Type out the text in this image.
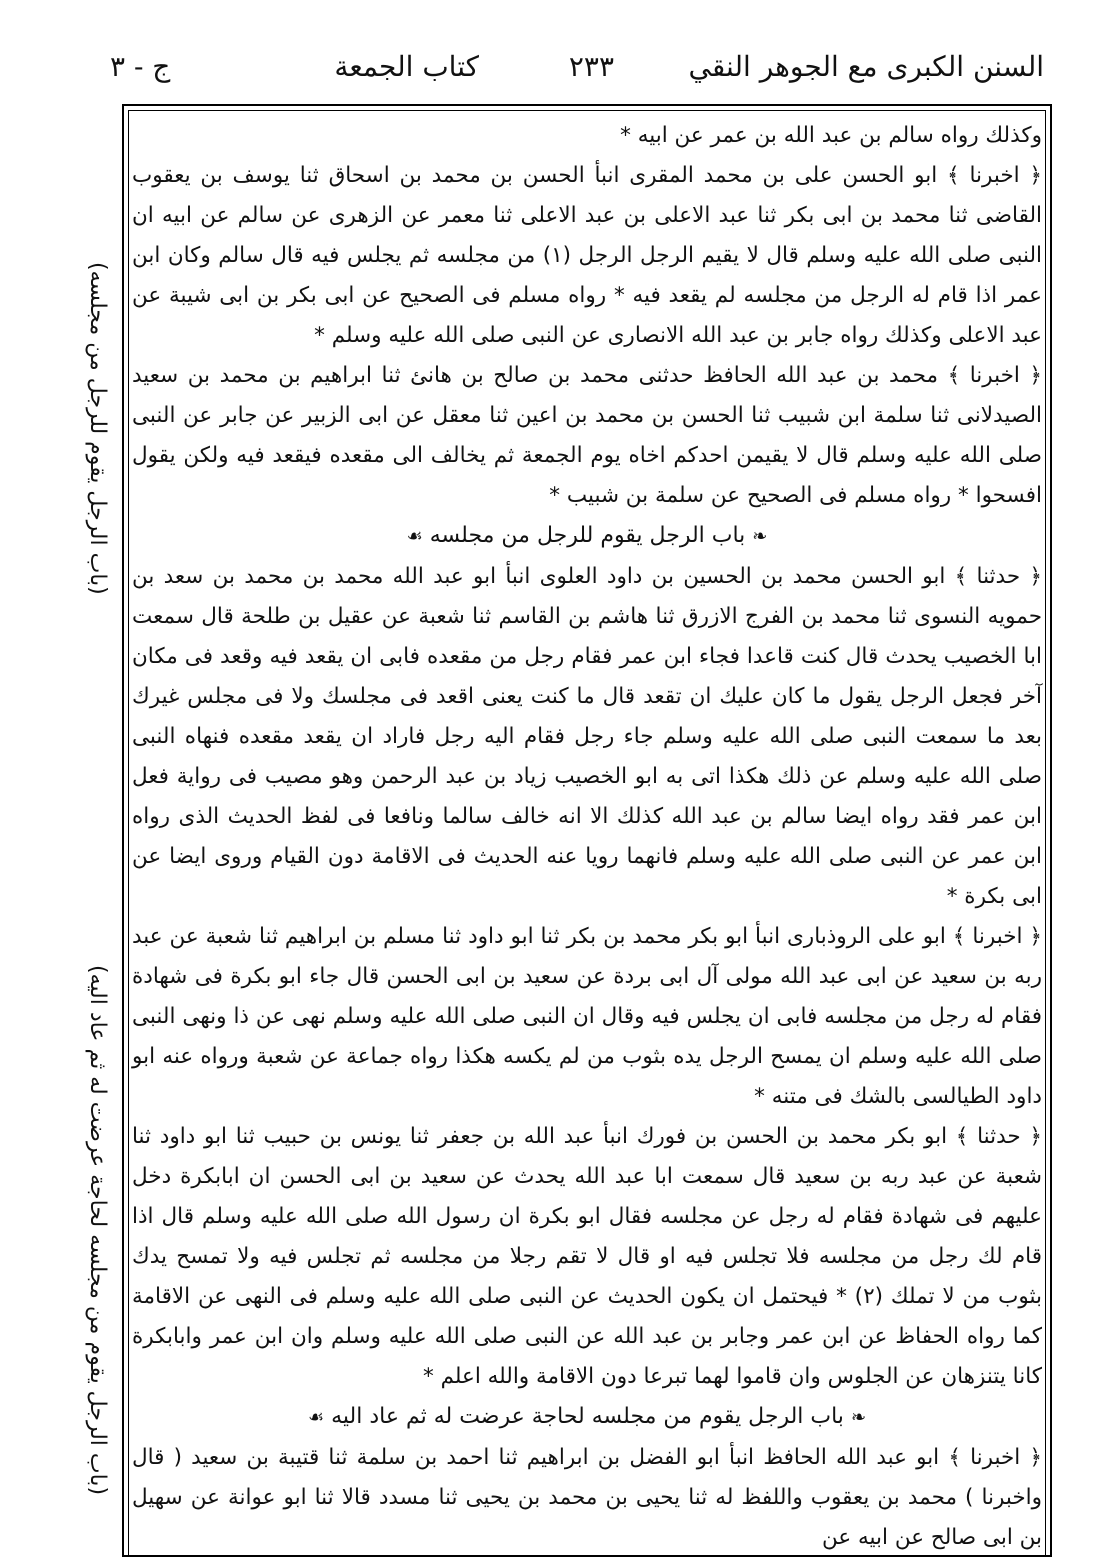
السنن الكبرى مع الجوهر النقي
٢٣٣
كتاب الجمعة
ج - ٣
(باب الرجل يقوم للرجل من مجلسه)
(باب الرجل يقوم من مجلسه لحاجة عرضت له ثم عاد اليه)

وكذلك رواه سالم بن عبد الله بن عمر عن ابيه *

﴿ اخبرنا ﴾ ابو الحسن على بن محمد المقرى انبأ الحسن بن محمد بن اسحاق ثنا يوسف بن يعقوب القاضى ثنا محمد بن ابى بكر ثنا عبد الاعلى بن عبد الاعلى ثنا معمر عن الزهرى عن سالم عن ابيه ان النبى صلى الله عليه وسلم قال لا يقيم الرجل الرجل (١) من مجلسه ثم يجلس فيه قال سالم وكان ابن عمر اذا قام له الرجل من مجلسه لم يقعد فيه * رواه مسلم فى الصحيح عن ابى بكر بن ابى شيبة عن عبد الاعلى وكذلك رواه جابر بن عبد الله الانصارى عن النبى صلى الله عليه وسلم *

﴿ اخبرنا ﴾ محمد بن عبد الله الحافظ حدثنى محمد بن صالح بن هانئ ثنا ابراهيم بن محمد بن سعيد الصيدلانى ثنا سلمة ابن شبيب ثنا الحسن بن محمد بن اعين ثنا معقل عن ابى الزبير عن جابر عن النبى صلى الله عليه وسلم قال لا يقيمن احدكم اخاه يوم الجمعة ثم يخالف الى مقعده فيقعد فيه ولكن يقول افسحوا * رواه مسلم فى الصحيح عن سلمة بن شبيب *

❧ باب الرجل يقوم للرجل من مجلسه ☙

﴿ حدثنا ﴾ ابو الحسن محمد بن الحسين بن داود العلوى انبأ ابو عبد الله محمد بن محمد بن سعد بن حمويه النسوى ثنا محمد بن الفرج الازرق ثنا هاشم بن القاسم ثنا شعبة عن عقيل بن طلحة قال سمعت ابا الخصيب يحدث قال كنت قاعدا فجاء ابن عمر فقام رجل من مقعده فابى ان يقعد فيه وقعد فى مكان آخر فجعل الرجل يقول ما كان عليك ان تقعد قال ما كنت يعنى اقعد فى مجلسك ولا فى مجلس غيرك بعد ما سمعت النبى صلى الله عليه وسلم جاء رجل فقام اليه رجل فاراد ان يقعد مقعده فنهاه النبى صلى الله عليه وسلم عن ذلك هكذا اتى به ابو الخصيب زياد بن عبد الرحمن وهو مصيب فى رواية فعل ابن عمر فقد رواه ايضا سالم بن عبد الله كذلك الا انه خالف سالما ونافعا فى لفظ الحديث الذى رواه ابن عمر عن النبى صلى الله عليه وسلم فانهما رويا عنه الحديث فى الاقامة دون القيام وروى ايضا عن ابى بكرة *

﴿ اخبرنا ﴾ ابو على الروذبارى انبأ ابو بكر محمد بن بكر ثنا ابو داود ثنا مسلم بن ابراهيم ثنا شعبة عن عبد ربه بن سعيد عن ابى عبد الله مولى آل ابى بردة عن سعيد بن ابى الحسن قال جاء ابو بكرة فى شهادة فقام له رجل من مجلسه فابى ان يجلس فيه وقال ان النبى صلى الله عليه وسلم نهى عن ذا ونهى النبى صلى الله عليه وسلم ان يمسح الرجل يده بثوب من لم يكسه هكذا رواه جماعة عن شعبة ورواه عنه ابو داود الطيالسى بالشك فى متنه *

﴿ حدثنا ﴾ ابو بكر محمد بن الحسن بن فورك انبأ عبد الله بن جعفر ثنا يونس بن حبيب ثنا ابو داود ثنا شعبة عن عبد ربه بن سعيد قال سمعت ابا عبد الله يحدث عن سعيد بن ابى الحسن ان ابابكرة دخل عليهم فى شهادة فقام له رجل عن مجلسه فقال ابو بكرة ان رسول الله صلى الله عليه وسلم قال اذا قام لك رجل من مجلسه فلا تجلس فيه او قال لا تقم رجلا من مجلسه ثم تجلس فيه ولا تمسح يدك بثوب من لا تملك (٢) * فيحتمل ان يكون الحديث عن النبى صلى الله عليه وسلم فى النهى عن الاقامة كما رواه الحفاظ عن ابن عمر وجابر بن عبد الله عن النبى صلى الله عليه وسلم وان ابن عمر وابابكرة كانا يتنزهان عن الجلوس وان قاموا لهما تبرعا دون الاقامة والله اعلم *

❧ باب الرجل يقوم من مجلسه لحاجة عرضت له ثم عاد اليه ☙

﴿ اخبرنا ﴾ ابو عبد الله الحافظ انبأ ابو الفضل بن ابراهيم ثنا احمد بن سلمة ثنا قتيبة بن سعيد ( قال واخبرنا ) محمد بن يعقوب واللفظ له ثنا يحيى بن محمد بن يحيى ثنا مسدد قالا ثنا ابو عوانة عن سهيل بن ابى صالح عن ابيه عن
